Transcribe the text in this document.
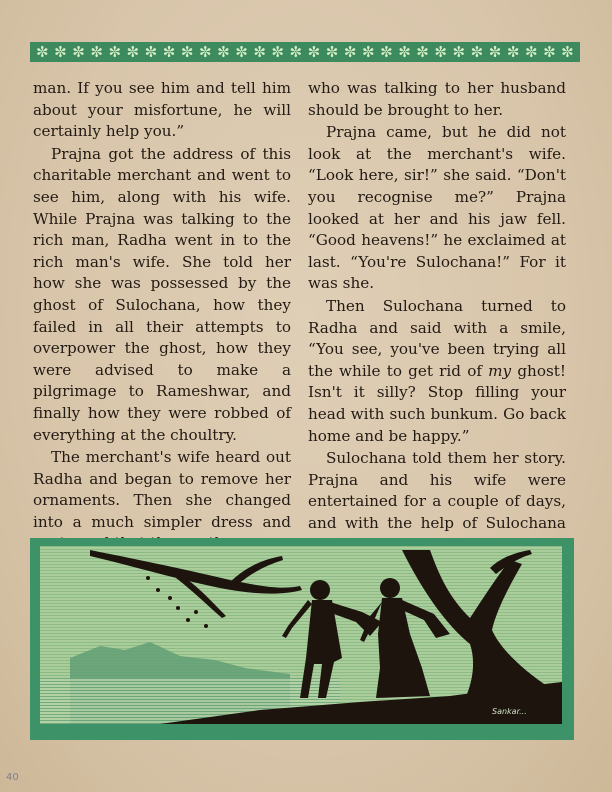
✼ ✼ ✼ ✼ ✼ ✼ ✼ ✼ ✼ ✼ ✼ ✼ ✼ ✼ ✼ ✼ ✼ ✼ ✼ ✼ ✼ ✼ ✼ ✼ ✼ ✼ ✼ ✼ ✼ ✼

man. If you see him and tell him about your misfortune, he will certainly help you.”

Prajna got the address of this charitable merchant and went to see him, along with his wife. While Prajna was talking to the rich man, Radha went in to the rich man's wife. She told her how she was possessed by the ghost of Sulochana, how they failed in all their attempts to overpower the ghost, how they were advised to make a pilgrimage to Rameshwar, and finally how they were robbed of everything at the choultry.

The merchant's wife heard out Radha and began to remove her ornaments. Then she changed into a much simpler dress and

who was talking to her husband should be brought to her.

Prajna came, but he did not look at the merchant's wife. “Look here, sir!” she said. “Don't you recognise me?” Prajna looked at her and his jaw fell. “Good heavens!” he exclaimed at last. “You're Sulochana!” For it was she.

Then Sulochana turned to Radha and said with a smile, “You see, you've been trying all the while to get rid of my ghost! Isn't it silly? Stop filling your head with such bunkum. Go back home and be happy.”

Sulochana told them her story. Prajna and his wife were entertained for a couple of days, and with the help of Sulochana

Sankar...
40
